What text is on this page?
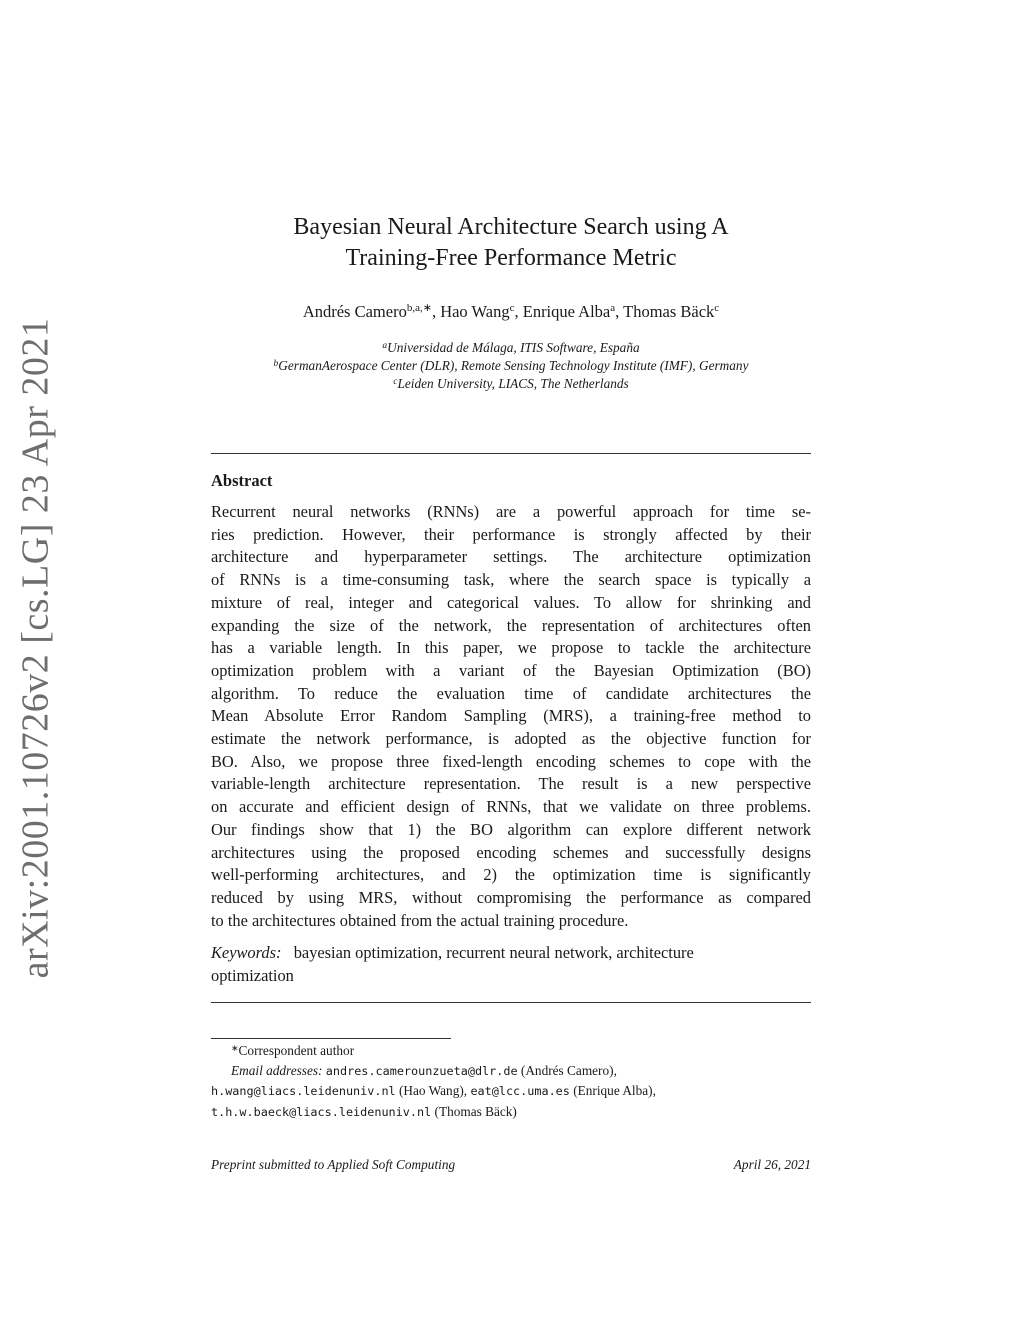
arXiv:2001.10726v2 [cs.LG] 23 Apr 2021
Bayesian Neural Architecture Search using A
Training-Free Performance Metric
Andrés Camero$^{b,a,∗}$, Hao Wang$^c$, Enrique Alba$^a$, Thomas Bäck$^c$
$^a$Universidad de Málaga, ITIS Software, España
$^b$GermanAerospace Center (DLR), Remote Sensing Technology Institute (IMF), Germany
$^c$Leiden University, LIACS, The Netherlands
Abstract
Recurrent neural networks (RNNs) are a powerful approach for time se-
ries prediction. However, their performance is strongly affected by their
architecture and hyperparameter settings. The architecture optimization
of RNNs is a time-consuming task, where the search space is typically a
mixture of real, integer and categorical values. To allow for shrinking and
expanding the size of the network, the representation of architectures often
has a variable length. In this paper, we propose to tackle the architecture
optimization problem with a variant of the Bayesian Optimization (BO)
algorithm. To reduce the evaluation time of candidate architectures the
Mean Absolute Error Random Sampling (MRS), a training-free method to
estimate the network performance, is adopted as the objective function for
BO. Also, we propose three fixed-length encoding schemes to cope with the
variable-length architecture representation. The result is a new perspective
on accurate and efficient design of RNNs, that we validate on three problems.
Our findings show that 1) the BO algorithm can explore different network
architectures using the proposed encoding schemes and successfully designs
well-performing architectures, and 2) the optimization time is significantly
reduced by using MRS, without compromising the performance as compared
to the architectures obtained from the actual training procedure.
Keywords: bayesian optimization, recurrent neural network, architecture
optimization
∗Correspondent author
Email addresses: andres.camerounzueta@dlr.de (Andrés Camero),
h.wang@liacs.leidenuniv.nl (Hao Wang), eat@lcc.uma.es (Enrique Alba),
t.h.w.baeck@liacs.leidenuniv.nl (Thomas Bäck)
Preprint submitted to Applied Soft Computing	April 26, 2021
